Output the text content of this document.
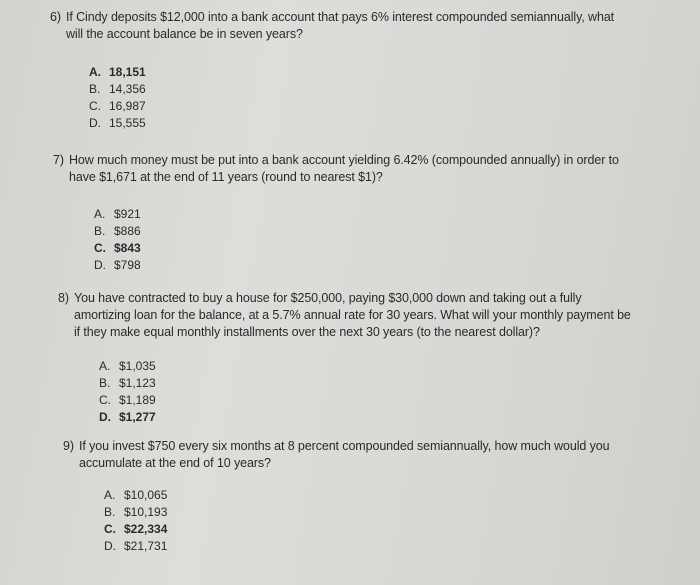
6) If Cindy deposits $12,000 into a bank account that pays 6% interest compounded semiannually, what
will the account balance be in seven years?

A. 18,151
B. 14,356
C. 16,987
D. 15,555

7) How much money must be put into a bank account yielding 6.42% (compounded annually) in order to
have $1,671 at the end of 11 years (round to nearest $1)?

A. $921
B. $886
C. $843
D. $798

8) You have contracted to buy a house for $250,000, paying $30,000 down and taking out a fully
amortizing loan for the balance, at a 5.7% annual rate for 30 years. What will your monthly payment be
if they make equal monthly installments over the next 30 years (to the nearest dollar)?

A. $1,035
B. $1,123
C. $1,189
D. $1,277

9) If you invest $750 every six months at 8 percent compounded semiannually, how much would you
accumulate at the end of 10 years?

A. $10,065
B. $10,193
C. $22,334
D. $21,731
